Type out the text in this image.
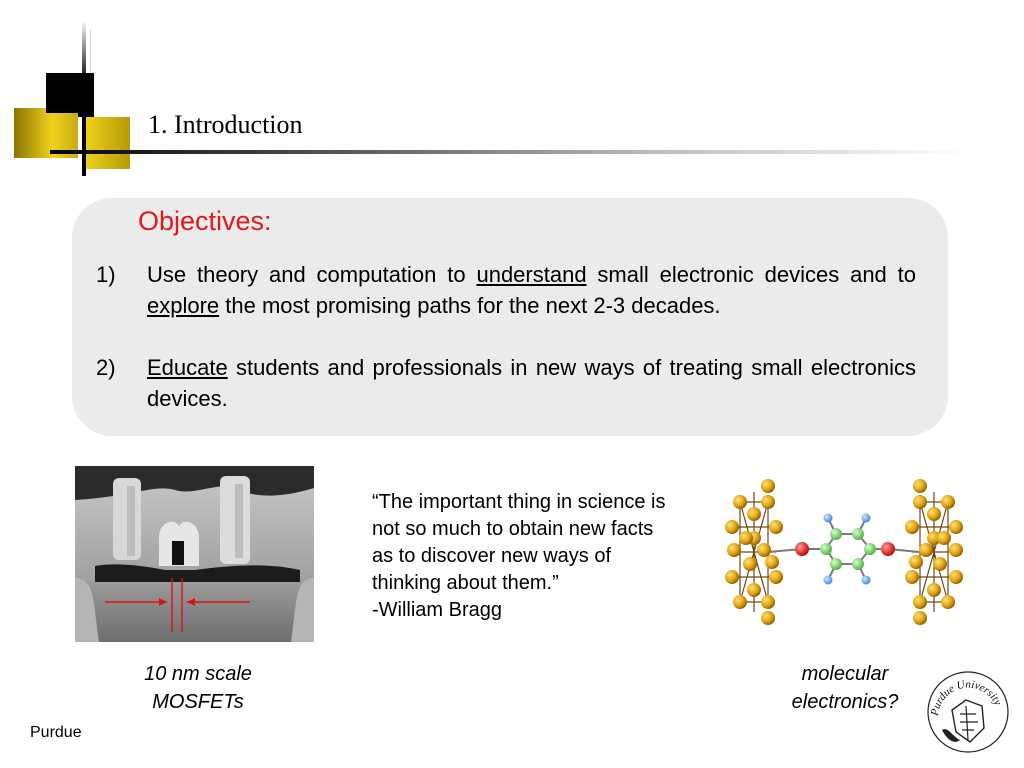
1. Introduction
Objectives:
1) Use theory and computation to understand small electronic devices and to explore the most promising paths for the next 2-3 decades.
2) Educate students and professionals in new ways of treating small electronics devices.
10 nm scale
MOSFETs
“The important thing in science is
not so much to obtain new facts
as to discover new ways of
thinking about them.”
-William Bragg
molecular
electronics?	Purdue University
Purdue
